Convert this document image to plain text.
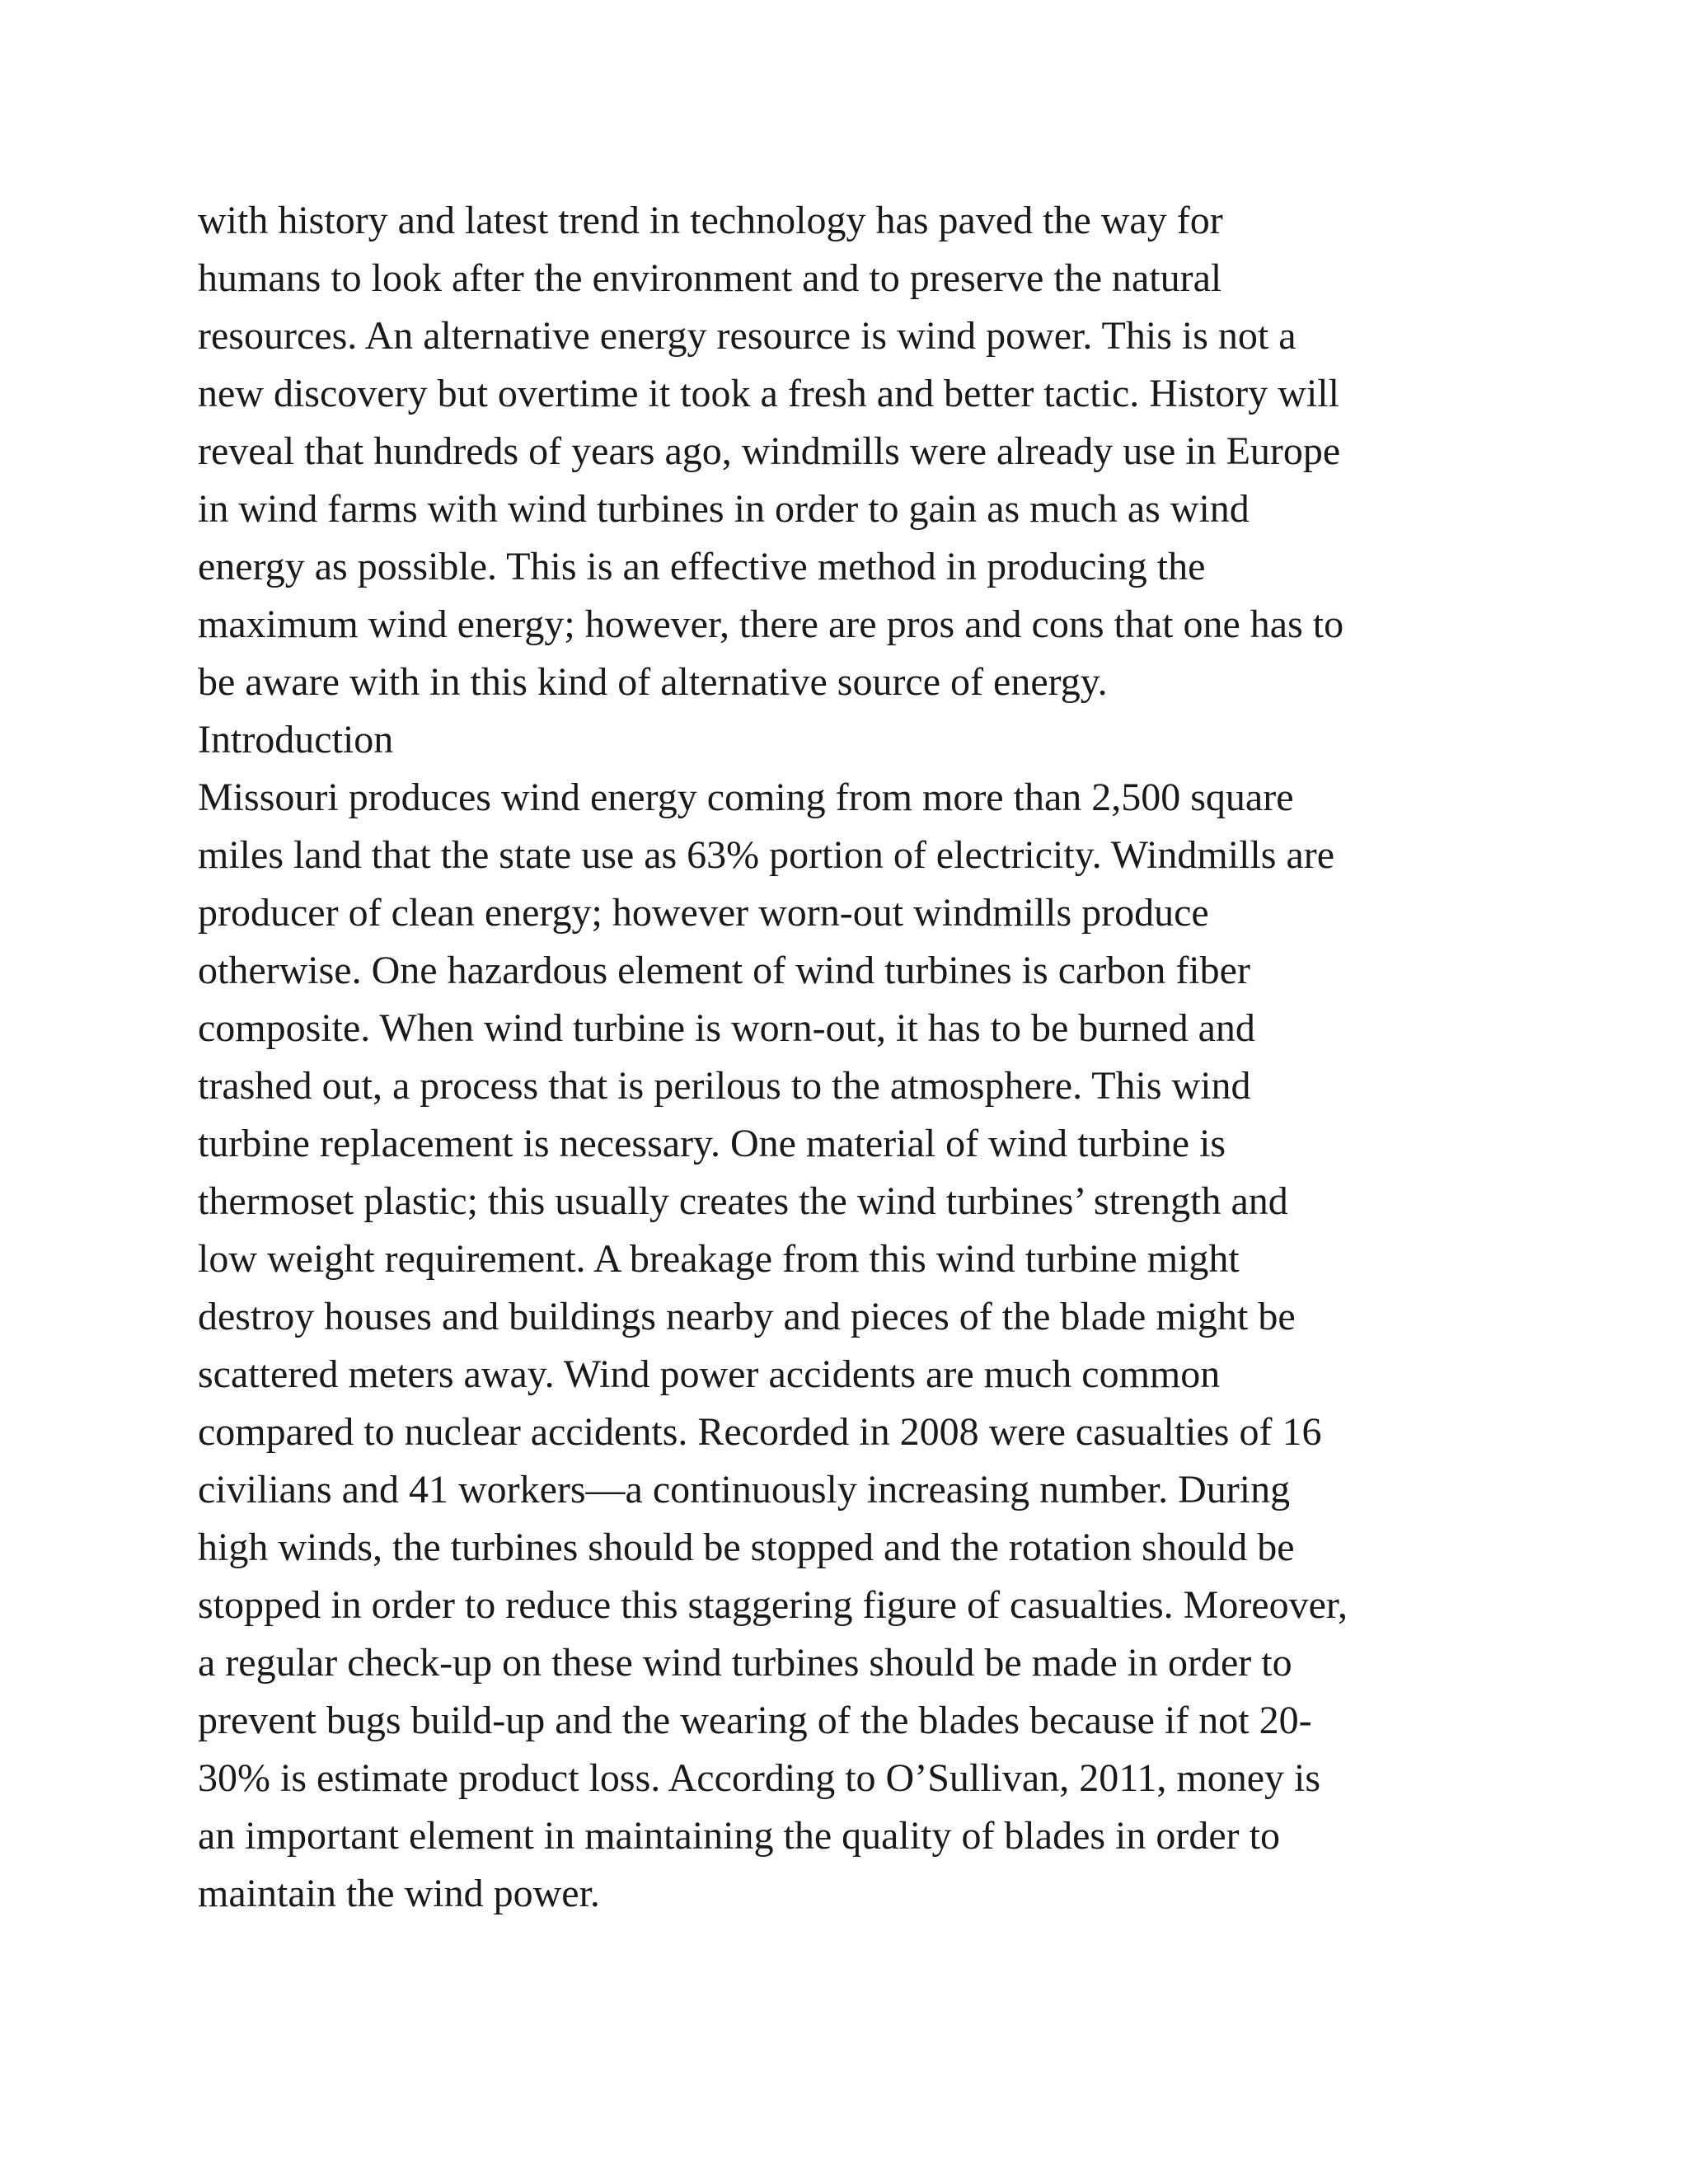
with history and latest trend in technology has paved the way for
humans to look after the environment and to preserve the natural
resources. An alternative energy resource is wind power. This is not a
new discovery but overtime it took a fresh and better tactic. History will
reveal that hundreds of years ago, windmills were already use in Europe
in wind farms with wind turbines in order to gain as much as wind
energy as possible. This is an effective method in producing the
maximum wind energy; however, there are pros and cons that one has to
be aware with in this kind of alternative source of energy.
Introduction
Missouri produces wind energy coming from more than 2,500 square
miles land that the state use as 63% portion of electricity. Windmills are
producer of clean energy; however worn-out windmills produce
otherwise. One hazardous element of wind turbines is carbon fiber
composite. When wind turbine is worn-out, it has to be burned and
trashed out, a process that is perilous to the atmosphere. This wind
turbine replacement is necessary. One material of wind turbine is
thermoset plastic; this usually creates the wind turbines’ strength and
low weight requirement. A breakage from this wind turbine might
destroy houses and buildings nearby and pieces of the blade might be
scattered meters away. Wind power accidents are much common
compared to nuclear accidents. Recorded in 2008 were casualties of 16
civilians and 41 workers—a continuously increasing number. During
high winds, the turbines should be stopped and the rotation should be
stopped in order to reduce this staggering figure of casualties. Moreover,
a regular check-up on these wind turbines should be made in order to
prevent bugs build-up and the wearing of the blades because if not 20-
30% is estimate product loss. According to O’Sullivan, 2011, money is
an important element in maintaining the quality of blades in order to
maintain the wind power.
